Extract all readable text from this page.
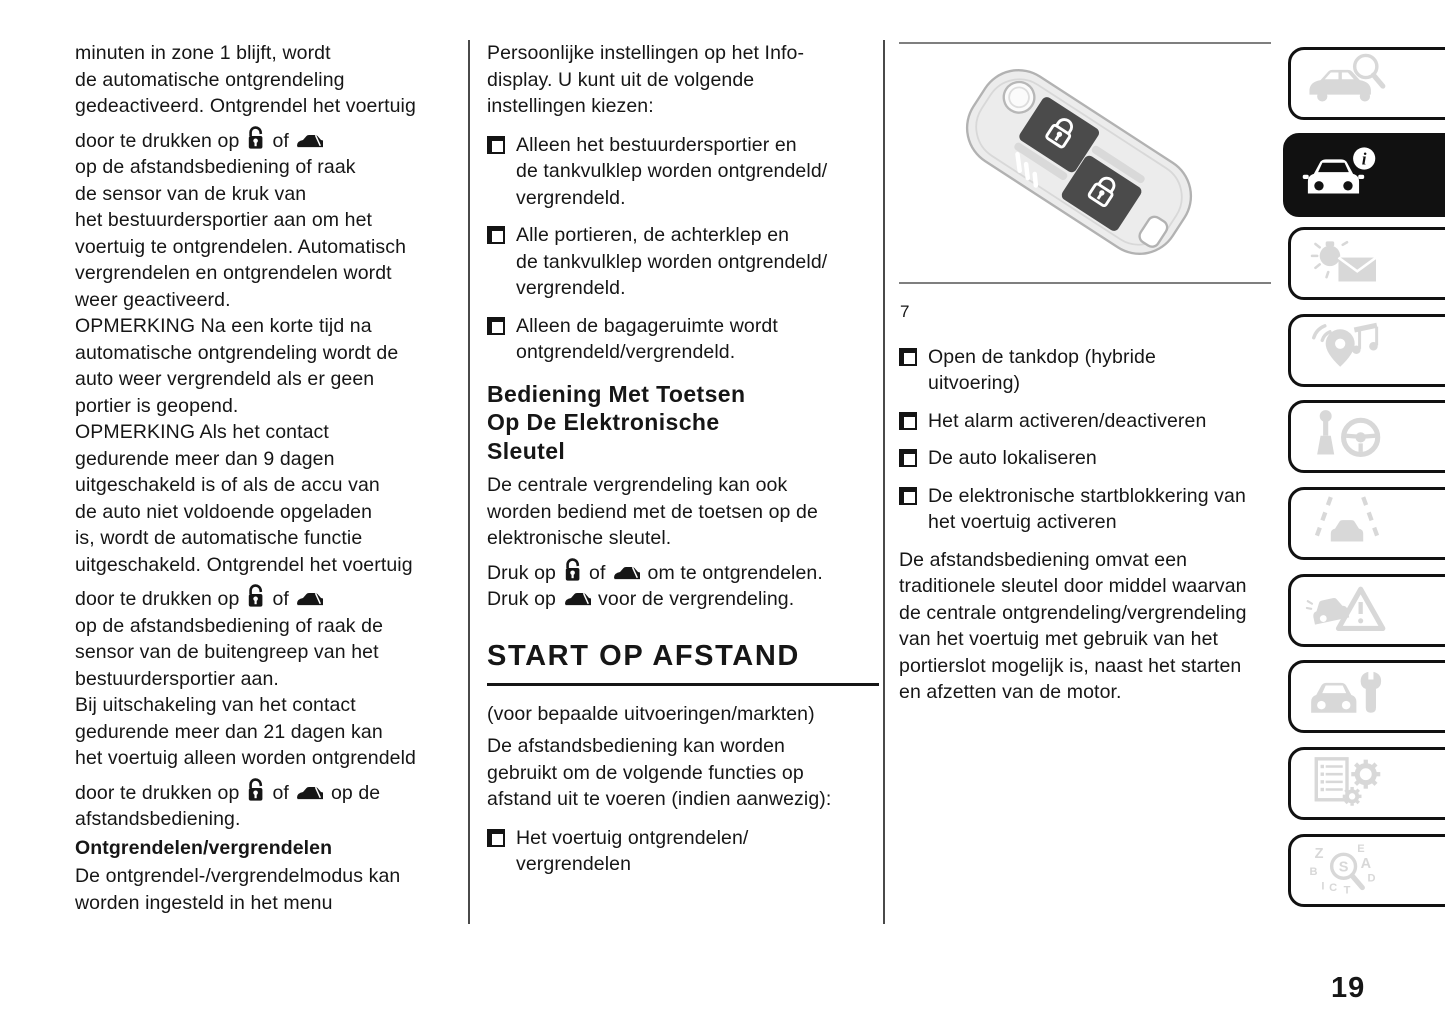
minuten in zone 1 blijft, wordt
de automatische ontgrendeling
gedeactiveerd. Ontgrendel het voertuig
door te drukken op  of
op de afstandsbediening of raak
de sensor van de kruk van
het bestuurdersportier aan om het
voertuig te ontgrendelen. Automatisch
vergrendelen en ontgrendelen wordt
weer geactiveerd.
OPMERKING Na een korte tijd na
automatische ontgrendeling wordt de
auto weer vergrendeld als er geen
portier is geopend.
OPMERKING Als het contact
gedurende meer dan 9 dagen
uitgeschakeld is of als de accu van
de auto niet voldoende opgeladen
is, wordt de automatische functie
uitgeschakeld. Ontgrendel het voertuig
door te drukken op  of
op de afstandsbediening of raak de
sensor van de buitengreep van het
bestuurdersportier aan.
Bij uitschakeling van het contact
gedurende meer dan 21 dagen kan
het voertuig alleen worden ontgrendeld
door te drukken op  of  op de
afstandsbediening.
Ontgrendelen/vergrendelen
De ontgrendel-/vergrendelmodus kan
worden ingesteld in het menu
Persoonlijke instellingen op het Info-
display. U kunt uit de volgende
instellingen kiezen:
Alleen het bestuurdersportier en
de tankvulklep worden ontgrendeld/
vergrendeld.
Alle portieren, de achterklep en
de tankvulklep worden ontgrendeld/
vergrendeld.
Alleen de bagageruimte wordt
ontgrendeld/vergrendeld.
Bediening Met Toetsen
Op De Elektronische
Sleutel
De centrale vergrendeling kan ook
worden bediend met de toetsen op de
elektronische sleutel.
Druk op  of  om te ontgrendelen.
Druk op  voor de vergrendeling.
START OP AFSTAND
(voor bepaalde uitvoeringen/markten)
De afstandsbediening kan worden
gebruikt om de volgende functies op
afstand uit te voeren (indien aanwezig):
Het voertuig ontgrendelen/
vergrendelen
7
Open de tankdop (hybride
uitvoering)
Het alarm activeren/deactiveren
De auto lokaliseren
De elektronische startblokkering van
het voertuig activeren
De afstandsbediening omvat een
traditionele sleutel door middel waarvan
de centrale ontgrendeling/vergrendeling
van het voertuig met gebruik van het
portierslot mogelijk is, naast het starten
en afzetten van de motor.
i
Z	E
B	A
D
I C T
S
19
